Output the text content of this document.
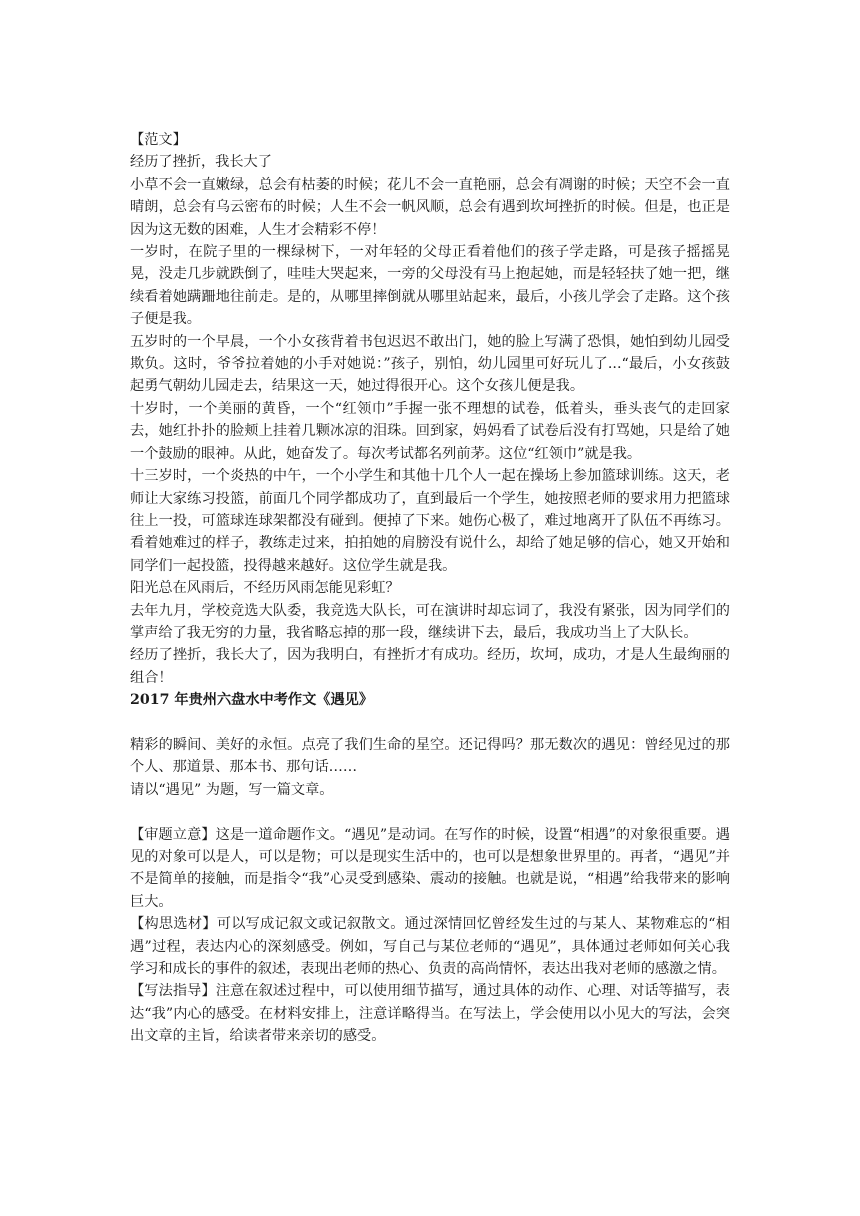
【范文】

经历了挫折，我长大了

小草不会一直嫩绿，总会有枯萎的时候；花儿不会一直艳丽，总会有凋谢的时候；天空不会一直晴朗，总会有乌云密布的时候；人生不会一帆风顺，总会有遇到坎坷挫折的时候。但是，也正是因为这无数的困难，人生才会精彩不停！

一岁时，在院子里的一棵绿树下，一对年轻的父母正看着他们的孩子学走路，可是孩子摇摇晃晃，没走几步就跌倒了，哇哇大哭起来，一旁的父母没有马上抱起她，而是轻轻扶了她一把，继续看着她蹒跚地往前走。是的，从哪里摔倒就从哪里站起来，最后，小孩儿学会了走路。这个孩子便是我。

五岁时的一个早晨，一个小女孩背着书包迟迟不敢出门，她的脸上写满了恐惧，她怕到幼儿园受欺负。这时，爷爷拉着她的小手对她说：”孩子，别怕，幼儿园里可好玩儿了...“最后，小女孩鼓起勇气朝幼儿园走去，结果这一天，她过得很开心。这个女孩儿便是我。

十岁时，一个美丽的黄昏，一个“红领巾”手握一张不理想的试卷，低着头，垂头丧气的走回家去，她红扑扑的脸颊上挂着几颗冰凉的泪珠。回到家，妈妈看了试卷后没有打骂她，只是给了她一个鼓励的眼神。从此，她奋发了。每次考试都名列前茅。这位“红领巾”就是我。

十三岁时，一个炎热的中午，一个小学生和其他十几个人一起在操场上参加篮球训练。这天，老师让大家练习投篮，前面几个同学都成功了，直到最后一个学生，她按照老师的要求用力把篮球往上一投，可篮球连球架都没有碰到。便掉了下来。她伤心极了，难过地离开了队伍不再练习。看着她难过的样子，教练走过来，拍拍她的肩膀没有说什么，却给了她足够的信心，她又开始和同学们一起投篮，投得越来越好。这位学生就是我。

阳光总在风雨后，不经历风雨怎能见彩虹？

去年九月，学校竞选大队委，我竞选大队长，可在演讲时却忘词了，我没有紧张，因为同学们的掌声给了我无穷的力量，我省略忘掉的那一段，继续讲下去，最后，我成功当上了大队长。

经历了挫折，我长大了，因为我明白，有挫折才有成功。经历，坎坷，成功，才是人生最绚丽的组合！

2017 年贵州六盘水中考作文《遇见》

精彩的瞬间、美好的永恒。点亮了我们生命的星空。还记得吗？那无数次的遇见：曾经见过的那个人、那道景、那本书、那句话……

请以“遇见” 为题，写一篇文章。

【审题立意】这是一道命题作文。“遇见”是动词。在写作的时候，设置“相遇”的对象很重要。遇见的对象可以是人，可以是物；可以是现实生活中的，也可以是想象世界里的。再者，“遇见”并不是简单的接触，而是指令“我”心灵受到感染、震动的接触。也就是说，“相遇”给我带来的影响巨大。

【构思选材】可以写成记叙文或记叙散文。通过深情回忆曾经发生过的与某人、某物难忘的“相遇”过程，表达内心的深刻感受。例如，写自己与某位老师的“遇见”，具体通过老师如何关心我学习和成长的事件的叙述，表现出老师的热心、负责的高尚情怀，表达出我对老师的感激之情。

【写法指导】注意在叙述过程中，可以使用细节描写，通过具体的动作、心理、对话等描写，表达“我”内心的感受。在材料安排上，注意详略得当。在写法上，学会使用以小见大的写法，会突出文章的主旨，给读者带来亲切的感受。
